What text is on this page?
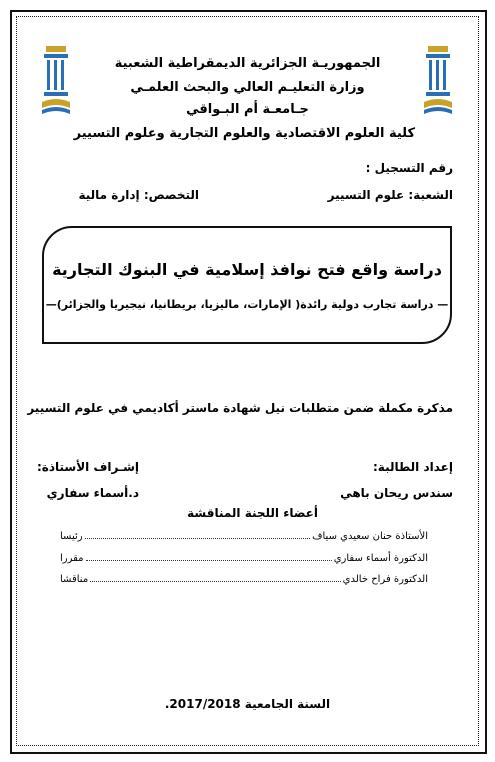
الجمهوريـة الجزائرية الديمقراطية الشعبية
وزارة التعليـم العالي والبحث العلمـي
جـامعـة أم البـواقي
كلية العلوم الاقتصادية والعلوم التجارية وعلوم التسيير
رقم التسجيل :
الشعبة: علوم التسيير
التخصص: إدارة مالية
دراسة واقع فتح نوافذ إسلامية في البنوك التجارية
— دراسة تجارب دولية رائدة( الإمارات، ماليزيا، بريطانيا، نيجيريا والجزائر)—
مذكرة مكملة ضمن متطلبات نيل شهادة ماستر أكاديمي في علوم التسيير
إعداد الطالبة:
إشـراف الأستاذة:
سندس ريحان باهي
د.أسماء سفاري
أعضاء اللجنة المناقشة
الأستاذة حنان سعيدي سياف
رئيسا
الدكتورة أسماء سفاري
مقررا
الدكتورة فراح خالدي
مناقشا
السنة الجامعية 2017/2018.
